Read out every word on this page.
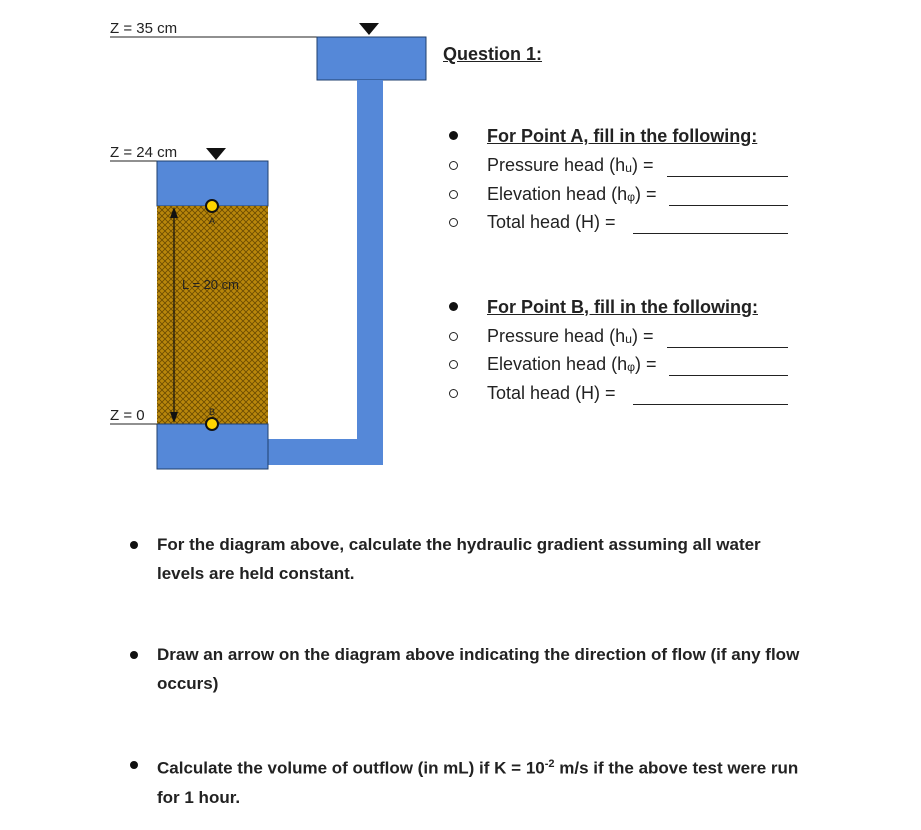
Z = 35 cm
Z = 24 cm
L = 20 cm
A
B
Z = 0
Question 1:
For Point A, fill in the following:
Pressure head (hᵤ) =
Elevation head (hᵩ) =
Total head (H) =
For Point B, fill in the following:
Pressure head (hᵤ) =
Elevation head (hᵩ) =
Total head (H) =
For the diagram above, calculate the hydraulic gradient assuming all water levels are held constant.
Draw an arrow on the diagram above indicating the direction of flow (if any flow occurs)
Calculate the volume of outflow (in mL) if $K = 10^{-2}$ m/s if the above test were run for 1 hour.
